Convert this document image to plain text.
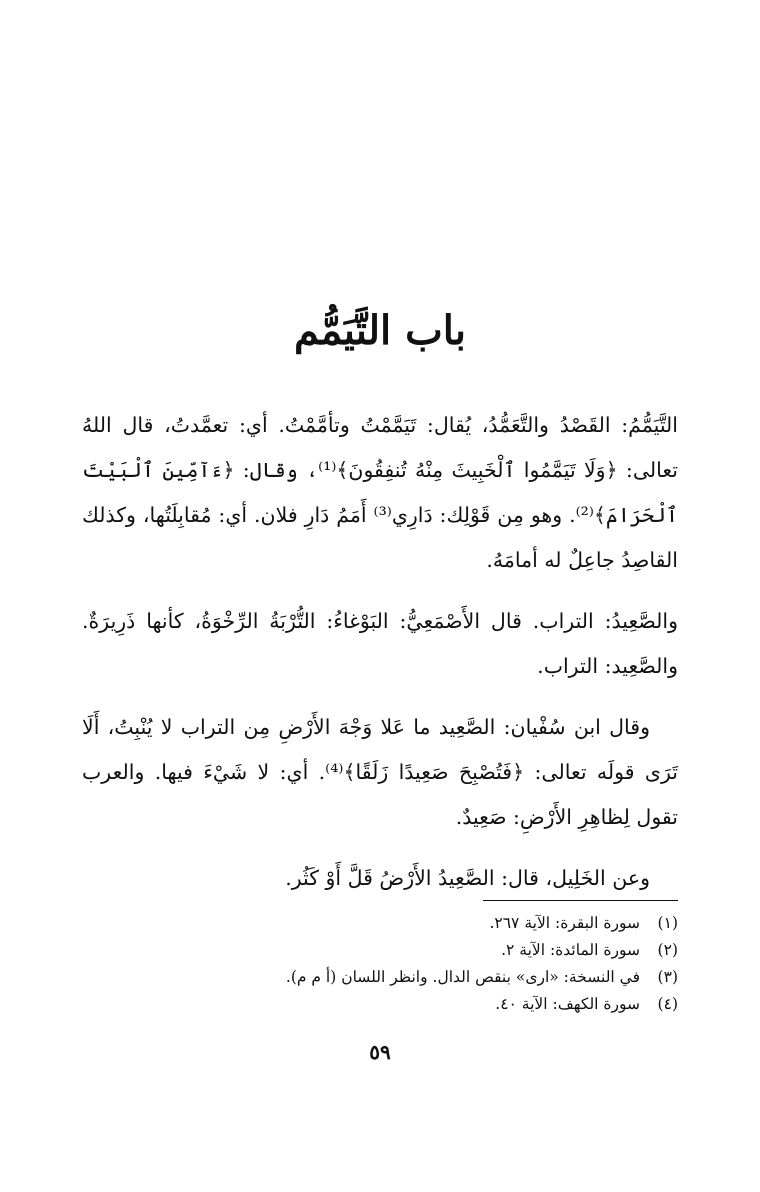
باب التَّيَمُّم

التَّيَمُّمُ: القَصْدُ والتَّعَمُّدُ، يُقال: تَيَمَّمْتُ وتأمَّمْتُ. أي: تعمَّدتُ، قال اللهُ تعالى: ﴿وَلَا تَيَمَّمُوا ٱلْخَبِيثَ مِنْهُ تُنفِقُونَ﴾⁽¹⁾، وقال: ﴿ءَآمِّينَ ٱلْبَيْتَ ٱلْحَرَامَ﴾⁽²⁾. وهو مِن قَوْلِك: دَارِي⁽³⁾ أَمَمُ دَارِ فلان. أي: مُقابِلَتُها، وكذلك القاصِدُ جاعِلٌ له أمامَهُ.

والصَّعِيدُ: التراب. قال الأَصْمَعِيُّ: البَوْغاءُ: التُّرْبَةُ الرِّخْوَةُ، كأنها ذَرِيرَةٌ. والصَّعِيد: التراب.

وقال ابن سُفْيان: الصَّعِيد ما عَلا وَجْهَ الأَرْضِ مِن التراب لا يُنْبِتُ، أَلَا تَرَى قولَه تعالى: ﴿فَتُصْبِحَ صَعِيدًا زَلَقًا﴾⁽⁴⁾. أي: لا شَيْءَ فيها. والعرب تقول لِظاهِرِ الأَرْضِ: صَعِيدٌ.

وعن الخَلِيل، قال: الصَّعِيدُ الأَرْضُ قَلَّ أَوْ كَثُر.

(١)
سورة البقرة: الآية ٢٦٧.
(٢)
سورة المائدة: الآية ٢.
(٣)
في النسخة: «ارى» بنقص الدال. وانظر اللسان (أ م م).
(٤)
سورة الكهف: الآية ٤٠.
٥٩
